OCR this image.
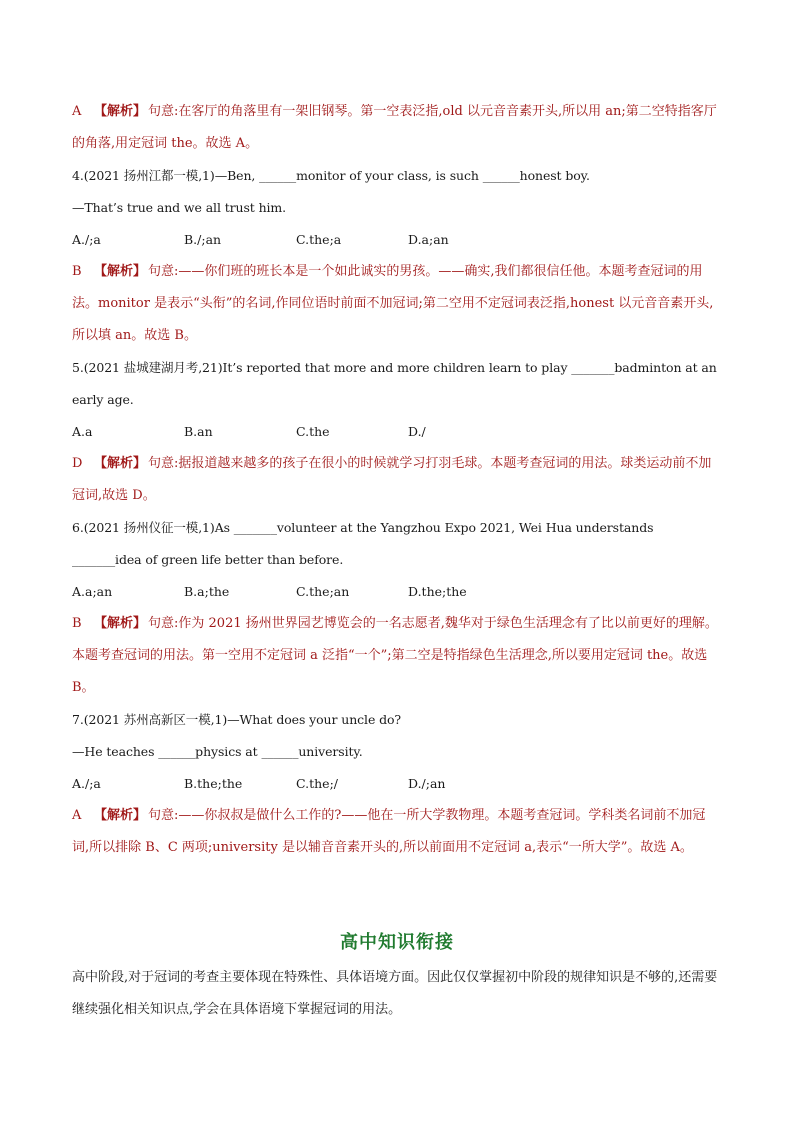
A 【解析】 句意:在客厅的角落里有一架旧钢琴。第一空表泛指,old 以元音音素开头,所以用 an;第二空特指客厅的角落,用定冠词 the。故选 A。

4.(2021 扬州江都一模,1)—Ben, ______monitor of your class, is such ______honest boy.

—That’s true and we all trust him.

A./;a	B./;an	C.the;a	D.a;an

B 【解析】 句意:——你们班的班长本是一个如此诚实的男孩。——确实,我们都很信任他。本题考查冠词的用法。monitor 是表示“头衔”的名词,作同位语时前面不加冠词;第二空用不定冠词表泛指,honest 以元音音素开头,所以填 an。故选 B。

5.(2021 盐城建湖月考,21)It’s reported that more and more children learn to play _______badminton at an early age.

A.a	B.an	C.the	D./

D 【解析】 句意:据报道越来越多的孩子在很小的时候就学习打羽毛球。本题考查冠词的用法。球类运动前不加冠词,故选 D。

6.(2021 扬州仪征一模,1)As _______volunteer at the Yangzhou Expo 2021, Wei Hua understands _______idea of green life better than before.

A.a;an	B.a;the	C.the;an	D.the;the

B 【解析】 句意:作为 2021 扬州世界园艺博览会的一名志愿者,魏华对于绿色生活理念有了比以前更好的理解。本题考查冠词的用法。第一空用不定冠词 a 泛指“一个”;第二空是特指绿色生活理念,所以要用定冠词 the。故选 B。

7.(2021 苏州高新区一模,1)—What does your uncle do?

—He teaches ______physics at ______university.

A./;a	B.the;the	C.the;/	D./;an

A 【解析】 句意:——你叔叔是做什么工作的?——他在一所大学教物理。本题考查冠词。学科类名词前不加冠词,所以排除 B、C 两项;university 是以辅音音素开头的,所以前面用不定冠词 a,表示“一所大学”。故选 A。

高中知识衔接

高中阶段,对于冠词的考查主要体现在特殊性、具体语境方面。因此仅仅掌握初中阶段的规律知识是不够的,还需要继续强化相关知识点,学会在具体语境下掌握冠词的用法。
